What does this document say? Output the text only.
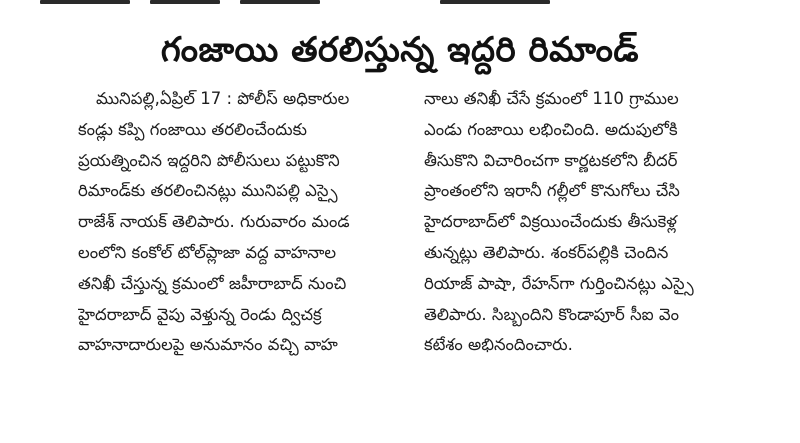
గంజాయి తరలిస్తున్న ఇద్దరి రిమాండ్
మునిపల్లి,ఏప్రిల్ 17 : పోలీస్ అధికారుల
కండ్లు కప్పి గంజాయి తరలించేందుకు
ప్రయత్నించిన ఇద్దరిని పోలీసులు పట్టుకొని
రిమాండ్‌కు తరలించినట్లు మునిపల్లి ఎస్సై
రాజేశ్ నాయక్ తెలిపారు. గురువారం మండ
లంలోని కంకోల్ టోల్‌ప్లాజా వద్ద వాహనాల
తనిఖీ చేస్తున్న క్రమంలో జహీరాబాద్ నుంచి
హైదరాబాద్ వైపు వెళ్తున్న రెండు ద్విచక్ర
వాహనాదారులపై అనుమానం వచ్చి వాహ
నాలు తనిఖీ చేసే క్రమంలో 110 గ్రాముల
ఎండు గంజాయి లభించింది. అదుపులోకి
తీసుకొని విచారించగా కార్ణటకలోని బీదర్
ప్రాంతంలోని ఇరానీ గల్లీలో కొనుగోలు చేసి
హైదరాబాద్‌లో విక్రయించేందుకు తీసుకెళ్ల
తున్నట్లు తెలిపారు. శంకర్‌పల్లికి చెందిన
రియాజ్ పాషా, రేహన్‌గా గుర్తించినట్లు ఎస్సై
తెలిపారు. సిబ్బందిని కొండాపూర్ సీఐ వెం
కటేశం అభినందించారు.
